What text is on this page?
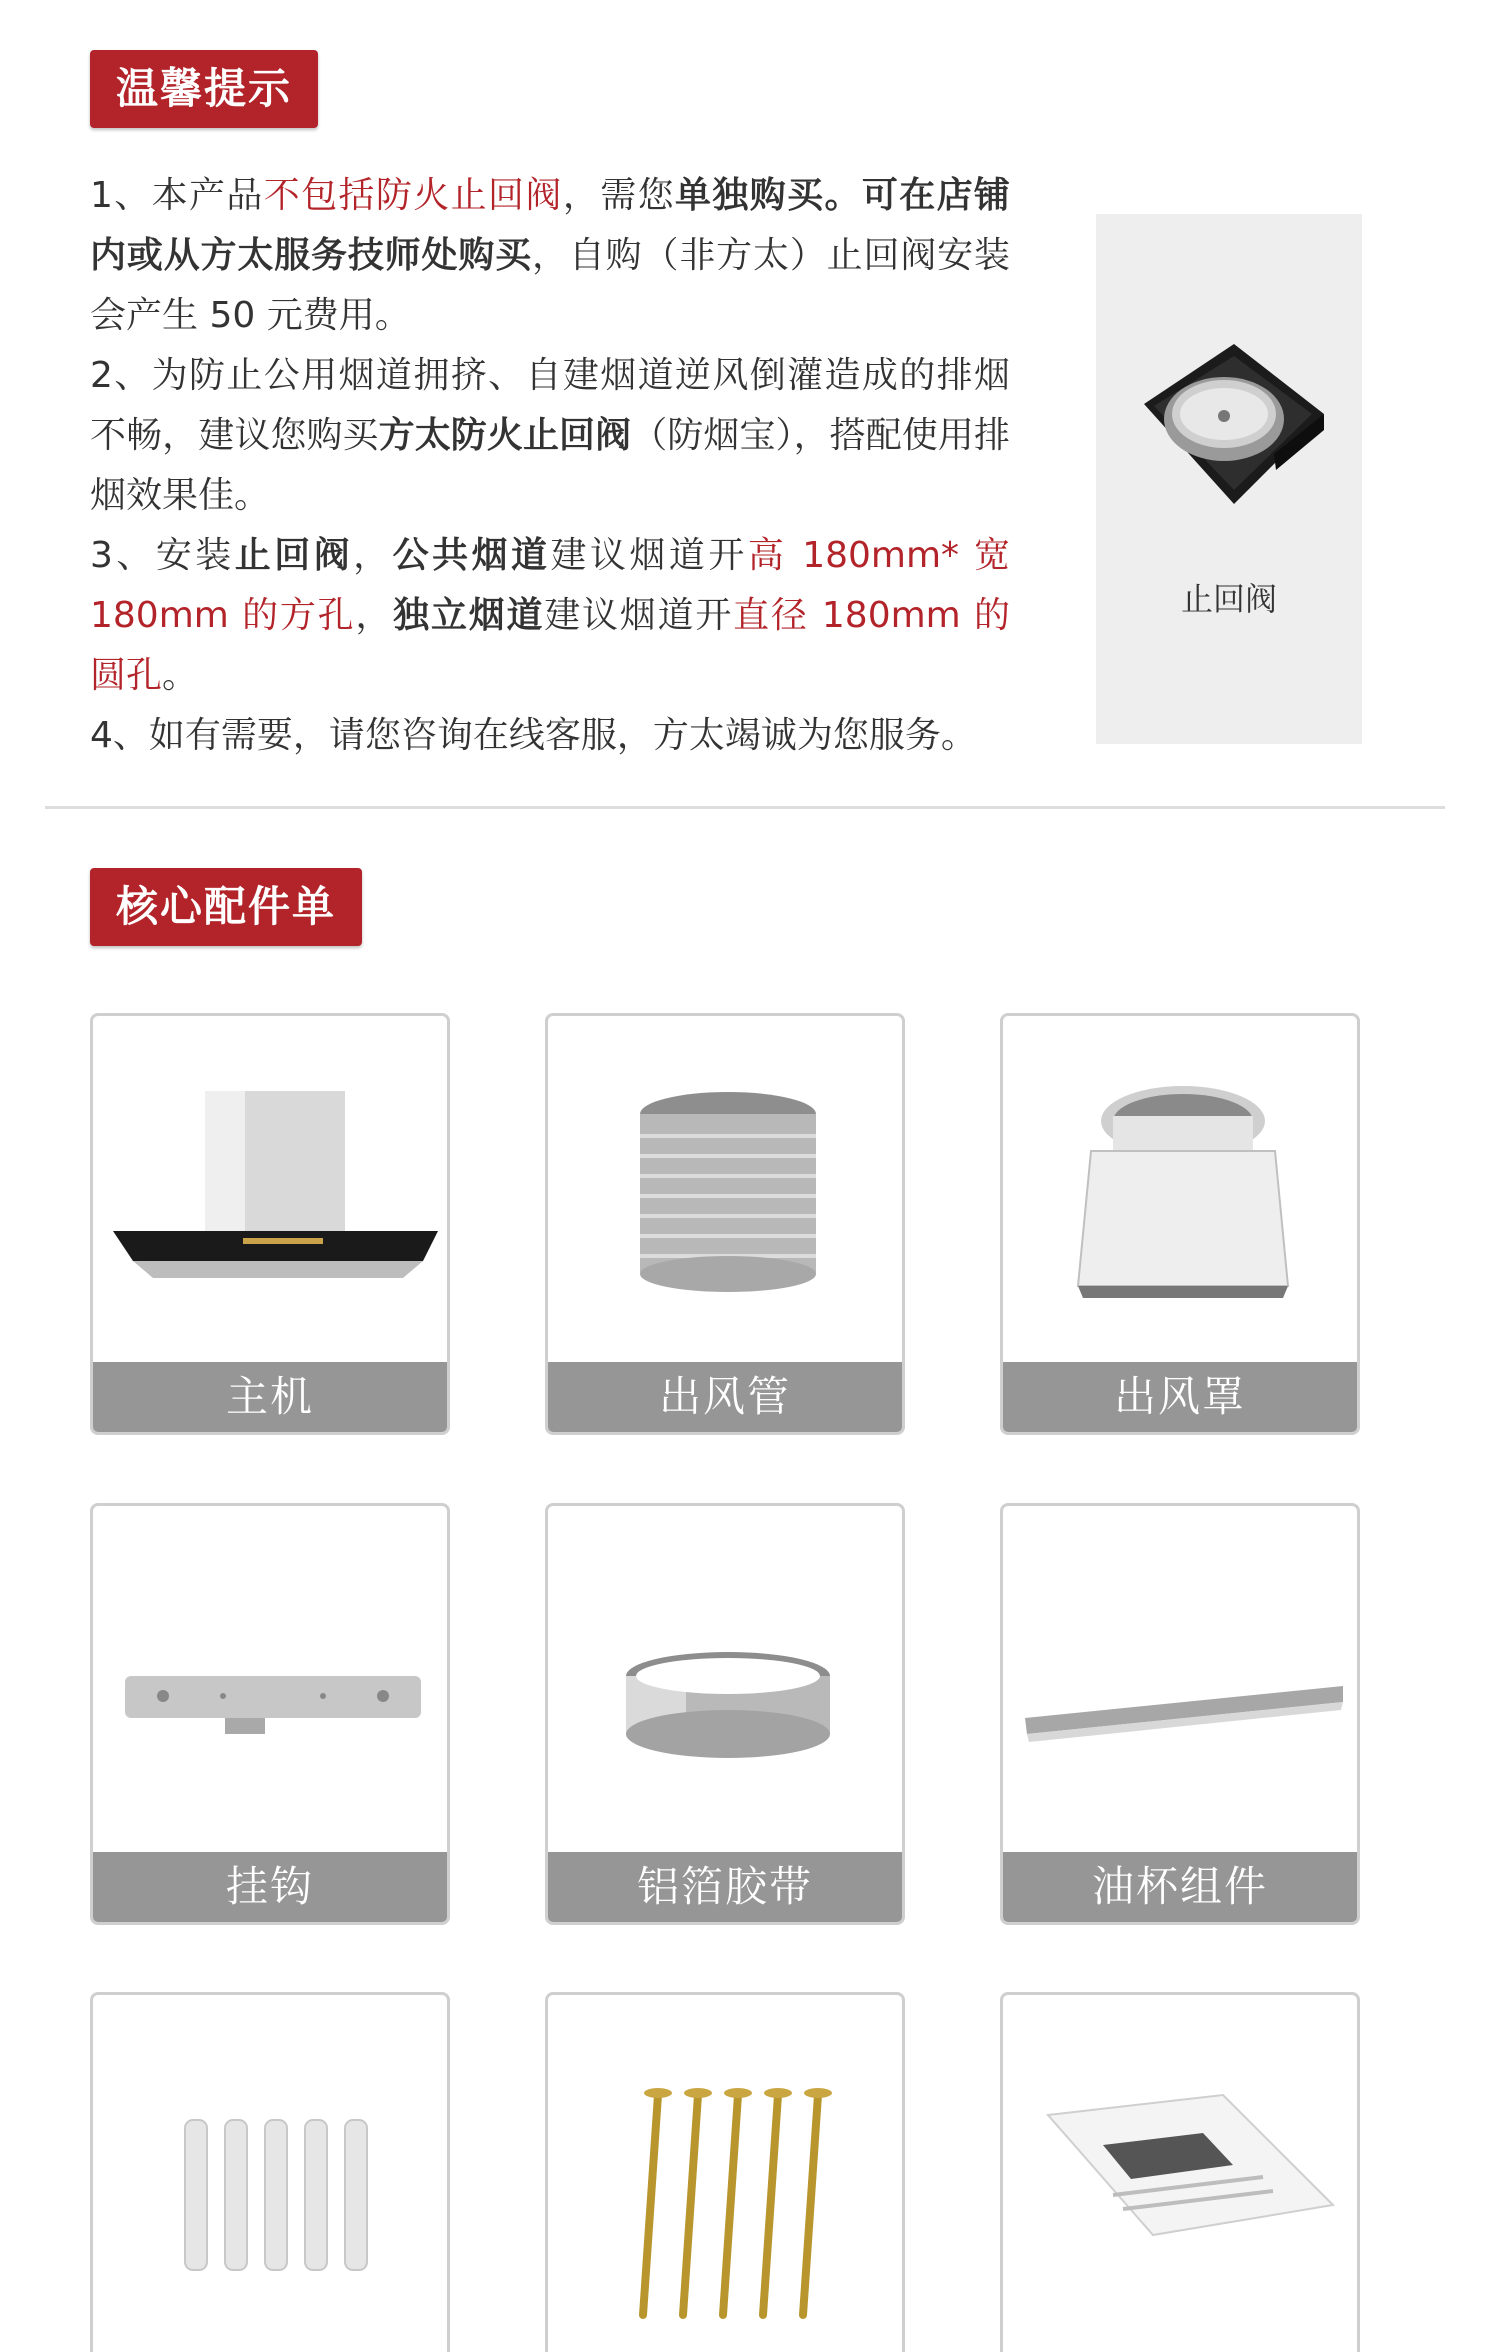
温馨提示

1、本产品不包括防火止回阀，需您单独购买。可在店铺内或从方太服务技师处购买，自购（非方太）止回阀安装会产生 50 元费用。

2、为防止公用烟道拥挤、自建烟道逆风倒灌造成的排烟不畅，建议您购买方太防火止回阀（防烟宝），搭配使用排烟效果佳。

3、安装止回阀，公共烟道建议烟道开高 180mm* 宽 180mm 的方孔，独立烟道建议烟道开直径 180mm 的圆孔。

4、如有需要，请您咨询在线客服，方太竭诚为您服务。

止回阀
核心配件单
主机	出风管	出风罩
挂钩	铝箔胶带	油杯组件
